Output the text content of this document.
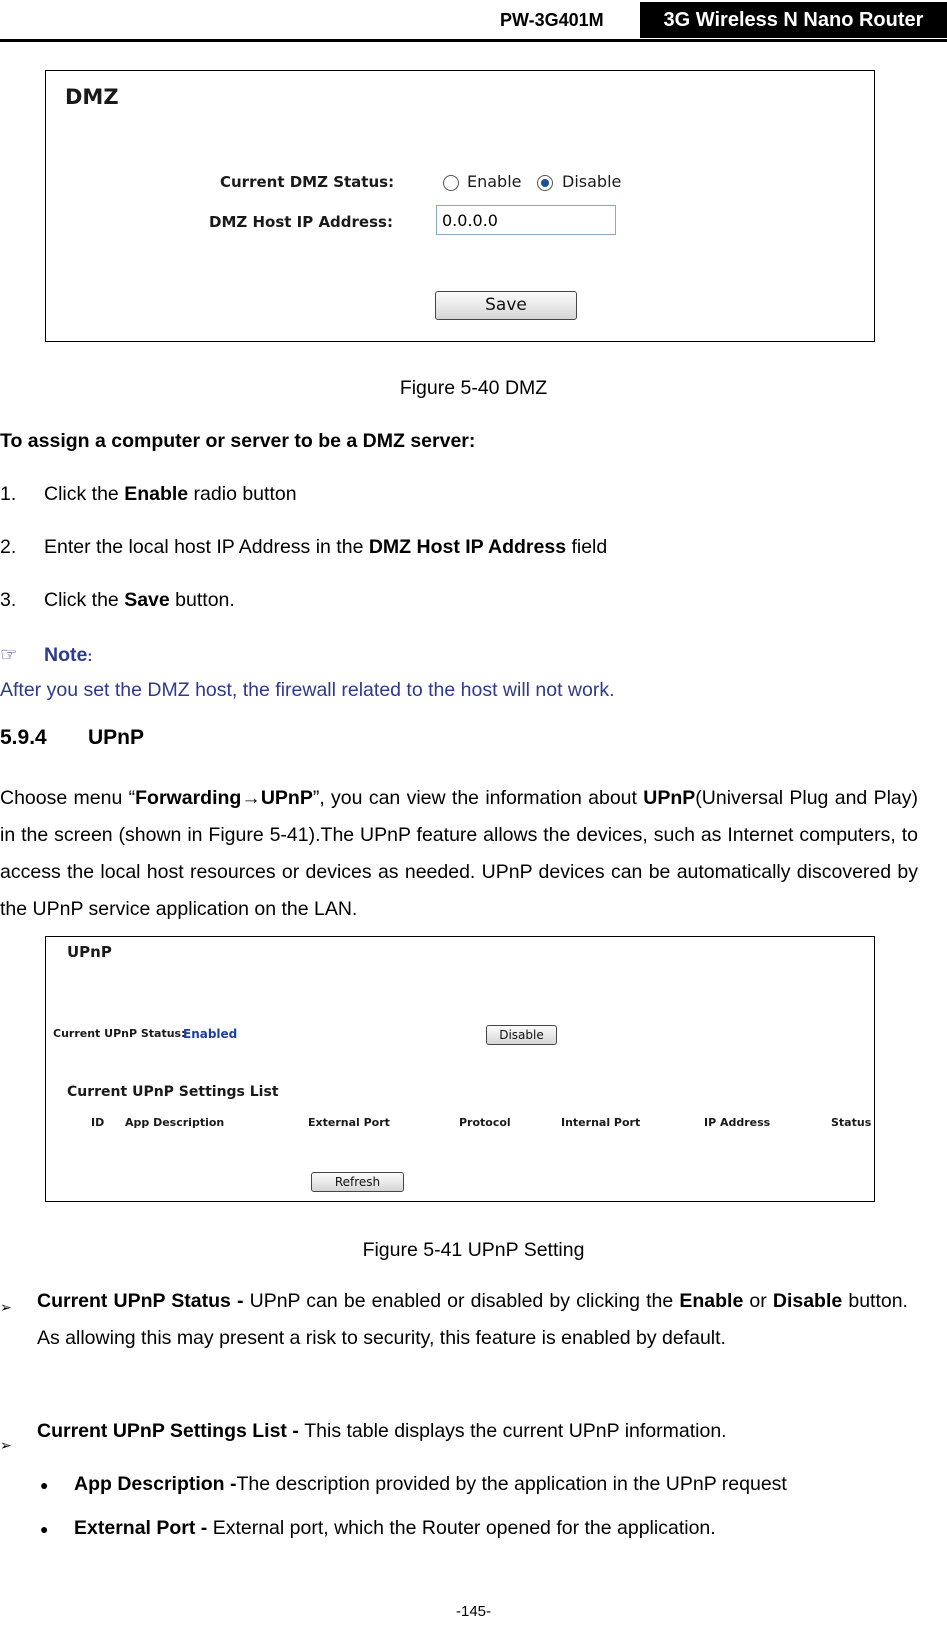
PW-3G401M	3G Wireless N Nano Router
DMZ
Current DMZ Status:	Enable	Disable
DMZ Host IP Address:	0.0.0.0
Save
Figure 5-40 DMZ
To assign a computer or server to be a DMZ server:
1. Click the Enable radio button
2. Enter the local host IP Address in the DMZ Host IP Address field
3. Click the Save button.
☞ Note:
After you set the DMZ host, the firewall related to the host will not work.
5.9.4 UPnP
Choose menu “Forwarding→UPnP”, you can view the information about UPnP(Universal Plug and Play) in the screen (shown in Figure 5-41).The UPnP feature allows the devices, such as Internet computers, to access the local host resources or devices as needed. UPnP devices can be automatically discovered by the UPnP service application on the LAN.
UPnP
Current UPnP Status:
Enabled	Disable
Current UPnP Settings List
ID App Description	External Port	Protocol	Internal Port	IP Address	Status
Refresh
Figure 5-41 UPnP Setting
➢ Current UPnP Status - UPnP can be enabled or disabled by clicking the Enable or Disable button. As allowing this may present a risk to security, this feature is enabled by default.
➢
Current UPnP Settings List - This table displays the current UPnP information.
● App Description -The description provided by the application in the UPnP request
● External Port - External port, which the Router opened for the application.
-145-
